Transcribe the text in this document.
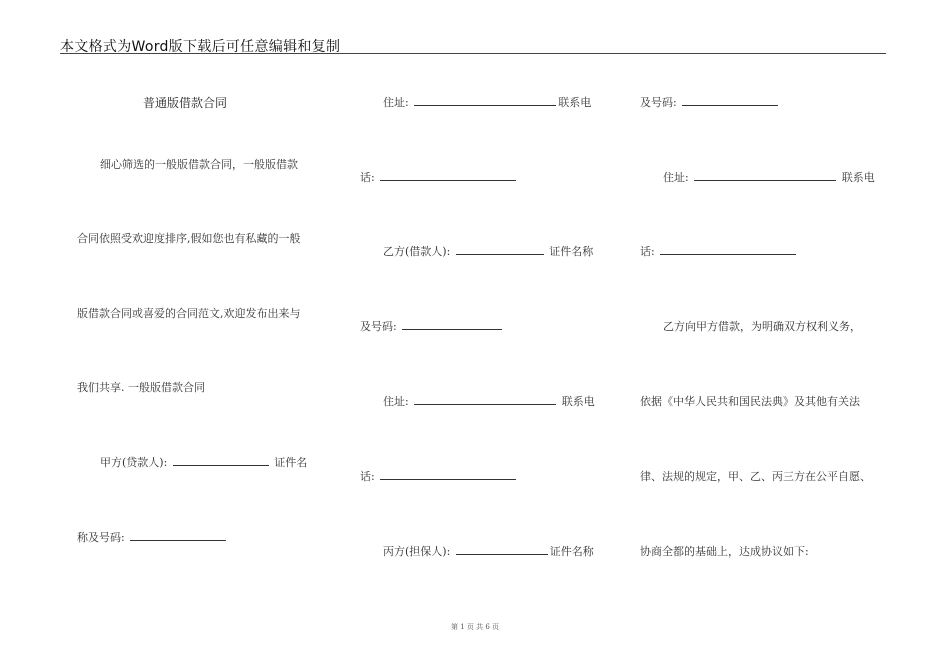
本文格式为Word版下载后可任意编辑和复制
普通版借款合同
细心筛选的一般版借款合同，一般版借款
合同依照受欢迎度排序,假如您也有私藏的一般
版借款合同或喜爱的合同范文,欢迎发布出来与
我们共享. 一般版借款合同
甲方(贷款人):	证件名
称及号码:
住址:	联系电
话:
乙方(借款人):	证件名称
及号码:
住址:	联系电
话:
丙方(担保人):	证件名称
及号码:
住址:	联系电
话:
乙方向甲方借款，为明确双方权利义务，
依据《中华人民共和国民法典》及其他有关法
律、法规的规定，甲、乙、丙三方在公平自愿、
协商全都的基础上，达成协议如下:
第 1 页 共 6 页
